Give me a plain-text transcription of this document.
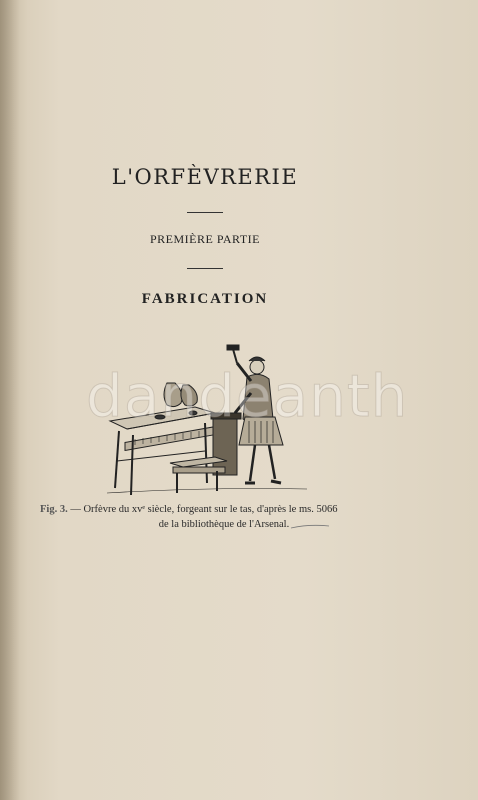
L'ORFÈVRERIE
PREMIÈRE PARTIE
FABRICATION
Fig. 3. — Orfèvre du xvᵉ siècle, forgeant sur le tas, d'après le ms. 5066
de la bibliothèque de l'Arsenal.
dandeanth
